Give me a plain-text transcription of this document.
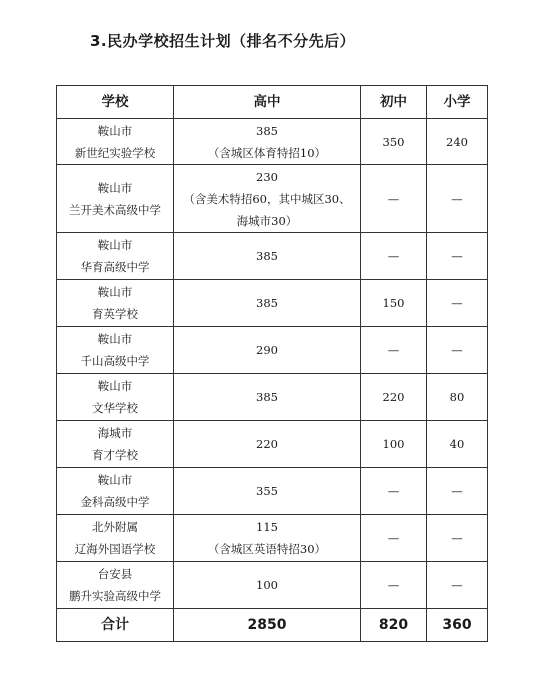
3.民办学校招生计划（排名不分先后）
学校	高中	初中	小学

鞍山市
新世纪实验学校	385
（含城区体育特招10）	350	240

鞍山市
兰开美术高级中学	230
（含美术特招60，其中城区30、
海城市30）	—	—

鞍山市
华育高级中学	385	—	—

鞍山市
育英学校	385	150	—

鞍山市
千山高级中学	290	—	—

鞍山市
文华学校	385	220	80

海城市
育才学校	220	100	40

鞍山市
金科高级中学	355	—	—

北外附属
辽海外国语学校	115
（含城区英语特招30）	—	—

台安县
鹏升实验高级中学	100	—	—
合计	2850	820	360
